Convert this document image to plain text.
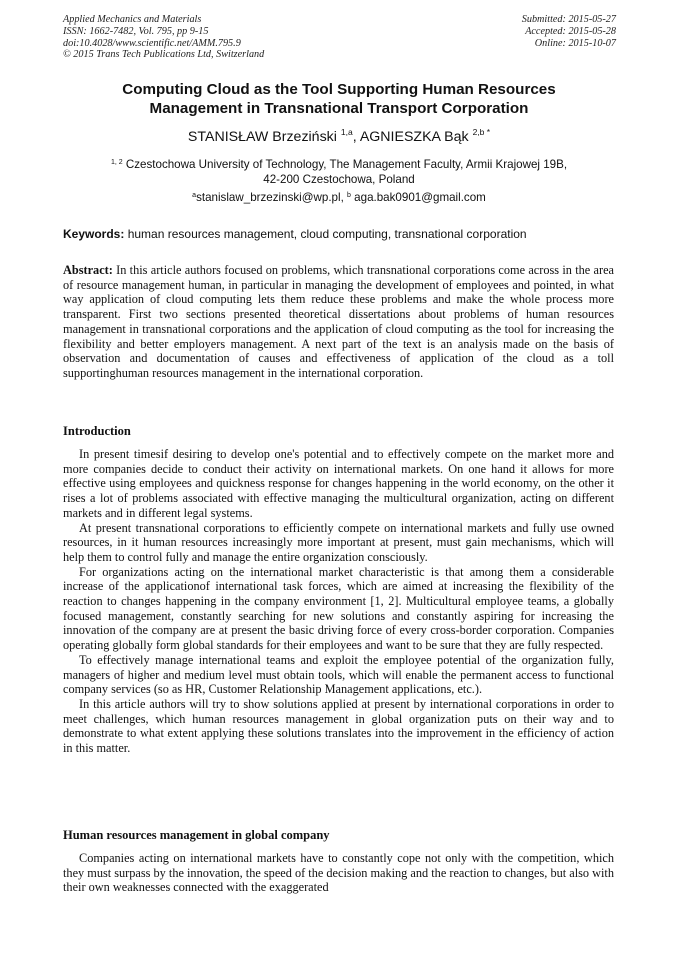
Applied Mechanics and Materials
ISSN: 1662-7482, Vol. 795, pp 9-15
doi:10.4028/www.scientific.net/AMM.795.9
© 2015 Trans Tech Publications Ltd, Switzerland
Submitted: 2015-05-27
Accepted: 2015-05-28
Online: 2015-10-07
Computing Cloud as the Tool Supporting Human Resources
Management in Transnational Transport Corporation
STANISŁAW Brzeziński $^{1,a}$, AGNIESZKA Bąk $^{2,b *}$
$^{1, 2}$ Czestochowa University of Technology, The Management Faculty, Armii Krajowej 19B,
42-200 Czestochowa, Poland
$^a$stanislaw_brzezinski@wp.pl, $^b$ aga.bak0901@gmail.com
Keywords: human resources management, cloud computing, transnational corporation

Abstract: In this article authors focused on problems, which transnational corporations come across in the area of resource management human, in particular in managing the development of employees and pointed, in what way application of cloud computing lets them reduce these problems and make the whole process more transparent. First two sections presented theoretical dissertations about problems of human resources management in transnational corporations and the application of cloud computing as the tool for increasing the flexibility and better employers management. A next part of the text is an analysis made on the basis of observation and documentation of causes and effectiveness of application of the cloud as a toll supportinghuman resources management in the international corporation.

Introduction

In present timesif desiring to develop one's potential and to effectively compete on the market more and more companies decide to conduct their activity on international markets. On one hand it allows for more effective using employees and quickness response for changes happening in the world economy, on the other it rises a lot of problems associated with effective managing the multicultural organization, acting on different markets and in different legal systems.

At present transnational corporations to efficiently compete on international markets and fully use owned resources, in it human resources increasingly more important at present, must gain mechanisms, which will help them to control fully and manage the entire organization consciously.

For organizations acting on the international market characteristic is that among them a considerable increase of the applicationof international task forces, which are aimed at increasing the flexibility of the reaction to changes happening in the company environment [1, 2]. Multicultural employee teams, a globally focused management, constantly searching for new solutions and constantly aspiring for increasing the innovation of the company are at present the basic driving force of every cross-border corporation. Companies operating globally form global standards for their employees and want to be sure that they are fully respected.

To effectively manage international teams and exploit the employee potential of the organization fully, managers of higher and medium level must obtain tools, which will enable the permanent access to functional company services (so as HR, Customer Relationship Management applications, etc.).

In this article authors will try to show solutions applied at present by international corporations in order to meet challenges, which human resources management in global organization puts on their way and to demonstrate to what extent applying these solutions translates into the improvement in the efficiency of action in this matter.

Human resources management in global company

Companies acting on international markets have to constantly cope not only with the competition, which they must surpass by the innovation, the speed of the decision making and the reaction to changes, but also with their own weaknesses connected with the exaggerated
